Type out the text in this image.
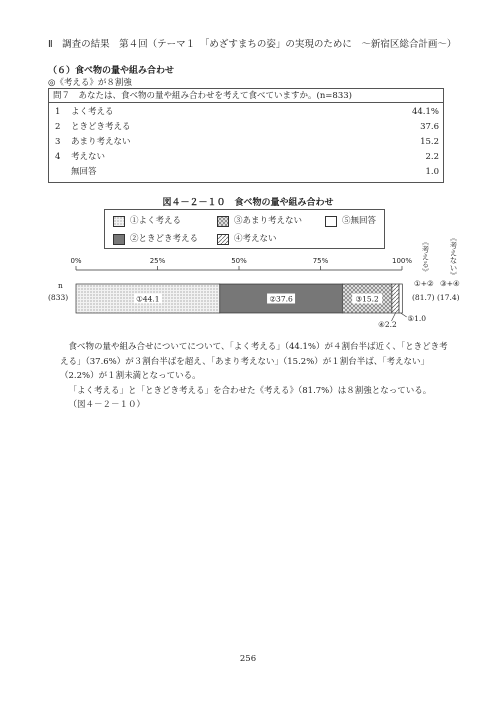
Ⅱ　調査の結果　第４回（テーマ１　「めざすまちの姿」の実現のために　～新宿区総合計画～）
（６）食べ物の量や組み合わせ
◎《考える》が８割強
問７　あなたは、食べ物の量や組み合わせを考えて食べていますか。(n=833)
1 よく考える	44.1%
2 ときどき考える	37.6
3 あまり考えない	15.2
4 考えない	2.2
無回答	1.0
図４－２－１０　食べ物の量や組み合わせ
①よく考える	③あまり考えない	⑤無回答
②ときどき考える	④考えない	《考える》	《考えない》
①+② ③+④
(81.7) (17.4)
n
(833)
0%	25%	50%	75%	100%
①44.1	②37.6	③15.2
④2.2
⑤1.0

食べ物の量や組み合せについてについて、「よく考える」（44.1%）が４割台半ば近く、「ときどき考える」（37.6%）が３割台半ばを超え、「あまり考えない」（15.2%）が１割台半ば、「考えない」（2.2%）が１割未満となっている。

「よく考える」と「ときどき考える」を合わせた《考える》（81.7%）は８割強となっている。

（図４－２－１０）

256
